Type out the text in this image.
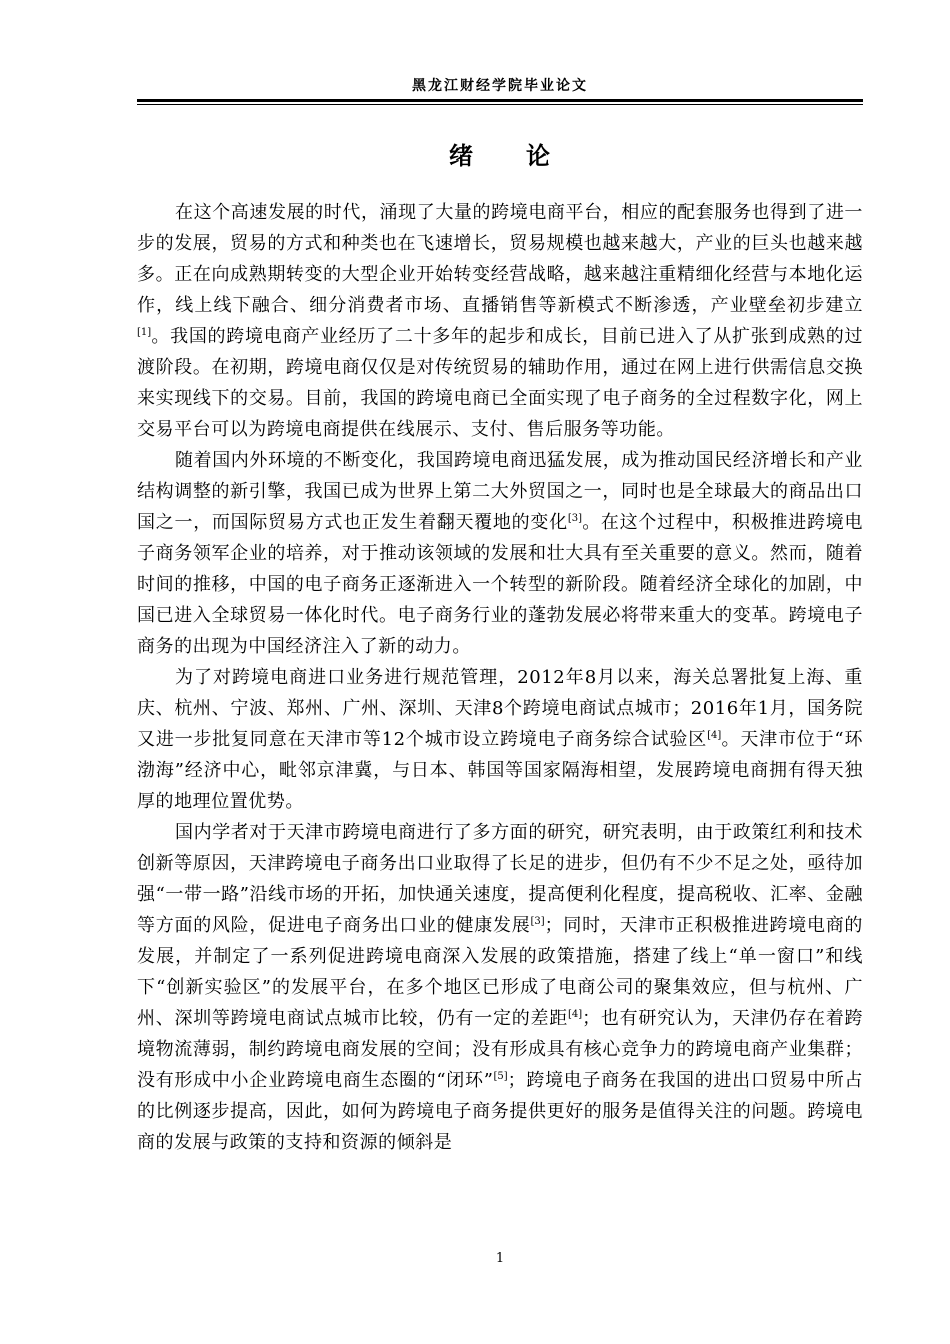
黑龙江财经学院毕业论文
绪 论

在这个高速发展的时代，涌现了大量的跨境电商平台，相应的配套服务也得到了进一步的发展，贸易的方式和种类也在飞速增长，贸易规模也越来越大，产业的巨头也越来越多。正在向成熟期转变的大型企业开始转变经营战略，越来越注重精细化经营与本地化运作，线上线下融合、细分消费者市场、直播销售等新模式不断渗透，产业壁垒初步建立[1]。我国的跨境电商产业经历了二十多年的起步和成长，目前已进入了从扩张到成熟的过渡阶段。在初期，跨境电商仅仅是对传统贸易的辅助作用，通过在网上进行供需信息交换来实现线下的交易。目前，我国的跨境电商已全面实现了电子商务的全过程数字化，网上交易平台可以为跨境电商提供在线展示、支付、售后服务等功能。

随着国内外环境的不断变化，我国跨境电商迅猛发展，成为推动国民经济增长和产业结构调整的新引擎，我国已成为世界上第二大外贸国之一，同时也是全球最大的商品出口国之一，而国际贸易方式也正发生着翻天覆地的变化[3]。在这个过程中，积极推进跨境电子商务领军企业的培养，对于推动该领域的发展和壮大具有至关重要的意义。然而，随着时间的推移，中国的电子商务正逐渐进入一个转型的新阶段。随着经济全球化的加剧，中国已进入全球贸易一体化时代。电子商务行业的蓬勃发展必将带来重大的变革。跨境电子商务的出现为中国经济注入了新的动力。

为了对跨境电商进口业务进行规范管理，2012年8月以来，海关总署批复上海、重庆、杭州、宁波、郑州、广州、深圳、天津8个跨境电商试点城市；2016年1月，国务院又进一步批复同意在天津市等12个城市设立跨境电子商务综合试验区[4]。天津市位于“环渤海”经济中心，毗邻京津冀，与日本、韩国等国家隔海相望，发展跨境电商拥有得天独厚的地理位置优势。

国内学者对于天津市跨境电商进行了多方面的研究，研究表明，由于政策红利和技术创新等原因，天津跨境电子商务出口业取得了长足的进步，但仍有不少不足之处，亟待加强“一带一路”沿线市场的开拓，加快通关速度，提高便利化程度，提高税收、汇率、金融等方面的风险，促进电子商务出口业的健康发展[3]；同时，天津市正积极推进跨境电商的发展，并制定了一系列促进跨境电商深入发展的政策措施，搭建了线上“单一窗口”和线下“创新实验区”的发展平台，在多个地区已形成了电商公司的聚集效应，但与杭州、广州、深圳等跨境电商试点城市比较，仍有一定的差距[4]；也有研究认为，天津仍存在着跨境物流薄弱，制约跨境电商发展的空间；没有形成具有核心竞争力的跨境电商产业集群；没有形成中小企业跨境电商生态圈的“闭环”[5]；跨境电子商务在我国的进出口贸易中所占的比例逐步提高，因此，如何为跨境电子商务提供更好的服务是值得关注的问题。跨境电商的发展与政策的支持和资源的倾斜是

1
